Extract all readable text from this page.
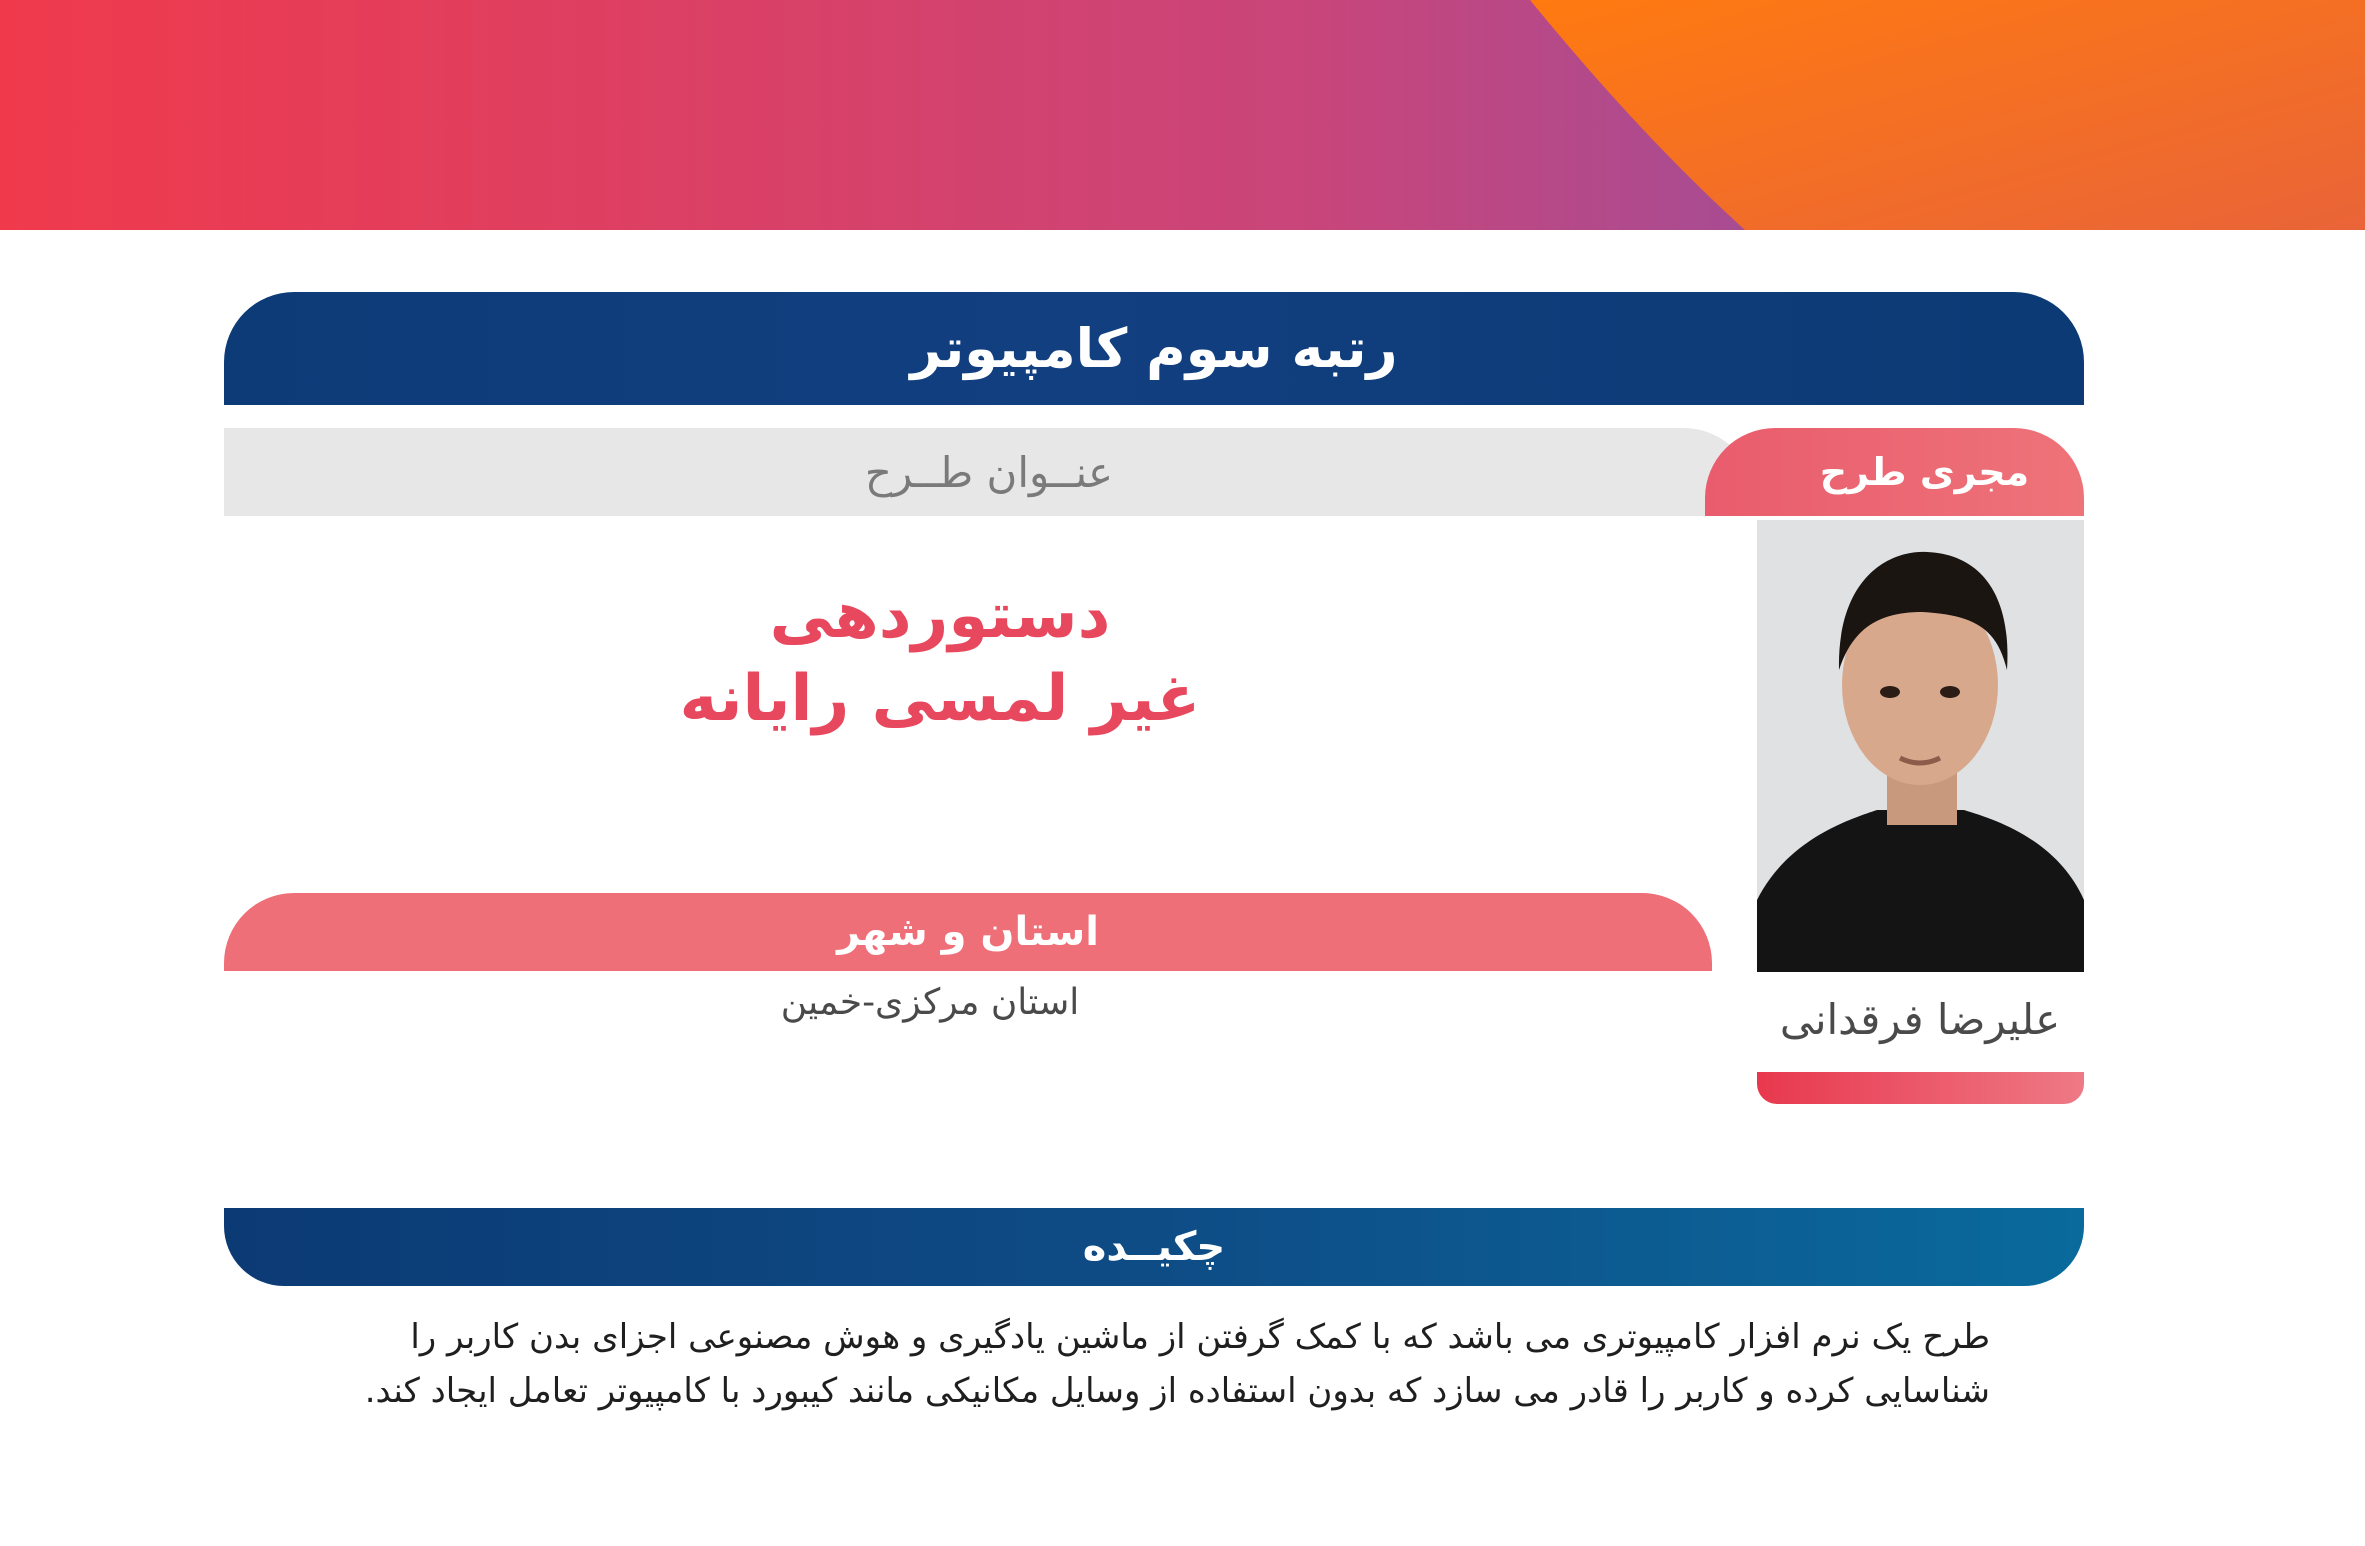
رتبه سوم کامپیوتر
عنــوان طــرح	مجری طرح
دستوردهی
غیر لمسی رایانه
استان و شهر
استان مرکزی-خمین	علیرضا فرقدانی
چکیــده
طرح یک نرم افزار کامپیوتری می باشد که با کمک گرفتن از ماشین یادگیری و هوش مصنوعی اجزای بدن کاربر را شناسایی کرده و کاربر را قادر می سازد که بدون استفاده از وسایل مکانیکی مانند کیبورد با کامپیوتر تعامل ایجاد کند.
